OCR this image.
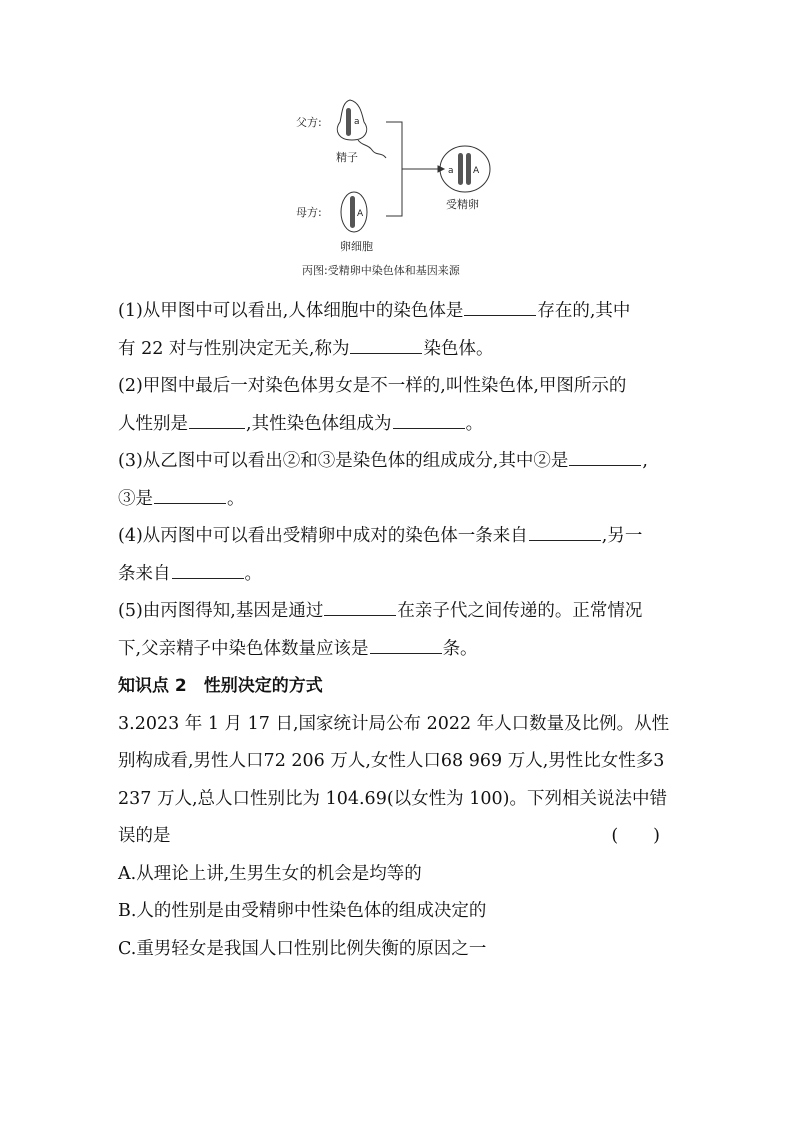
父方:	a
精子
母方:	A
卵细胞
a A
受精卵
丙图:受精卵中染色体和基因来源
(1)从甲图中可以看出,人体细胞中的染色体是	存在的,其中
有 22 对与性别决定无关,称为	染色体。
(2)甲图中最后一对染色体男女是不一样的,叫性染色体,甲图所示的
人性别是	,其性染色体组成为	。
(3)从乙图中可以看出②和③是染色体的组成成分,其中②是	,
③是	。
(4)从丙图中可以看出受精卵中成对的染色体一条来自	,另一
条来自	。
(5)由丙图得知,基因是通过	在亲子代之间传递的。正常情况
下,父亲精子中染色体数量应该是	条。
知识点 2　性别决定的方式
3.2023 年 1 月 17 日,国家统计局公布 2022 年人口数量及比例。从性
别构成看,男性人口72 206 万人,女性人口68 969 万人,男性比女性多3
237 万人,总人口性别比为 104.69(以女性为 100)。下列相关说法中错
误的是	(　　)
A.从理论上讲,生男生女的机会是均等的
B.人的性别是由受精卵中性染色体的组成决定的
C.重男轻女是我国人口性别比例失衡的原因之一
